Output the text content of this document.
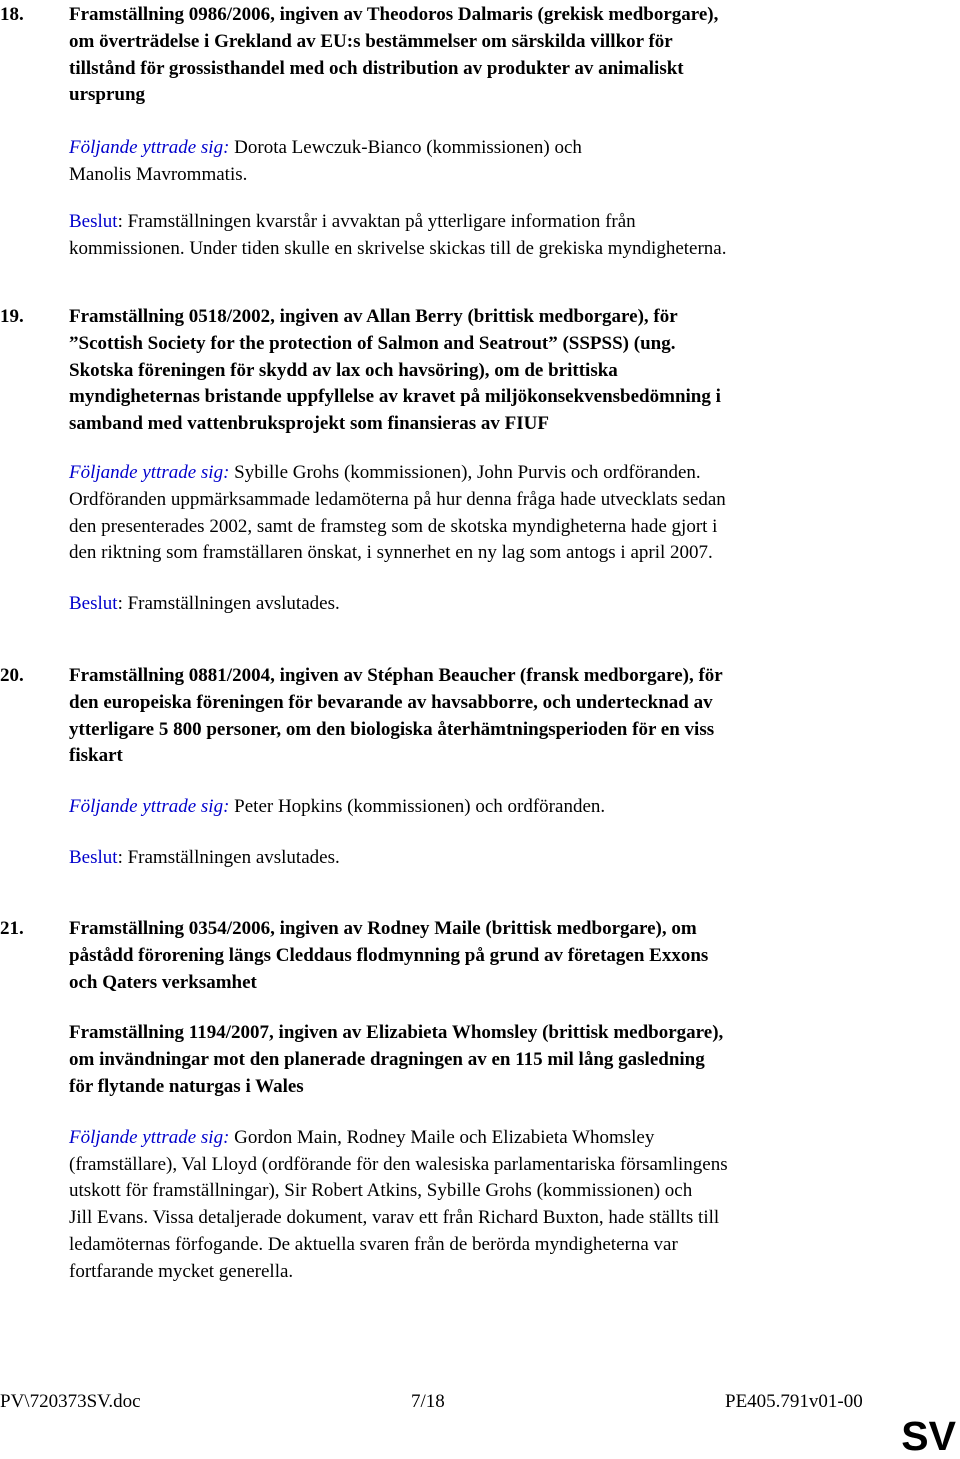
18. Framställning 0986/2006, ingiven av Theodoros Dalmaris (grekisk medborgare),
om överträdelse i Grekland av EU:s bestämmelser om särskilda villkor för
tillstånd för grossisthandel med och distribution av produkter av animaliskt
ursprung

Följande yttrade sig: Dorota Lewczuk-Bianco (kommissionen) och
Manolis Mavrommatis.

Beslut: Framställningen kvarstår i avvaktan på ytterligare information från
kommissionen. Under tiden skulle en skrivelse skickas till de grekiska myndigheterna.

19. Framställning 0518/2002, ingiven av Allan Berry (brittisk medborgare), för
”Scottish Society for the protection of Salmon and Seatrout” (SSPSS) (ung.
Skotska föreningen för skydd av lax och havsöring), om de brittiska
myndigheternas bristande uppfyllelse av kravet på miljökonsekvensbedömning i
samband med vattenbruksprojekt som finansieras av FIUF

Följande yttrade sig: Sybille Grohs (kommissionen), John Purvis och ordföranden.
Ordföranden uppmärksammade ledamöterna på hur denna fråga hade utvecklats sedan
den presenterades 2002, samt de framsteg som de skotska myndigheterna hade gjort i
den riktning som framställaren önskat, i synnerhet en ny lag som antogs i april 2007.

Beslut: Framställningen avslutades.

20. Framställning 0881/2004, ingiven av Stéphan Beaucher (fransk medborgare), för
den europeiska föreningen för bevarande av havsabborre, och undertecknad av
ytterligare 5 800 personer, om den biologiska återhämtningsperioden för en viss
fiskart

Följande yttrade sig: Peter Hopkins (kommissionen) och ordföranden.

Beslut: Framställningen avslutades.

21. Framställning 0354/2006, ingiven av Rodney Maile (brittisk medborgare), om
påstådd förorening längs Cleddaus flodmynning på grund av företagen Exxons
och Qaters verksamhet

Framställning 1194/2007, ingiven av Elizabieta Whomsley (brittisk medborgare),
om invändningar mot den planerade dragningen av en 115 mil lång gasledning
för flytande naturgas i Wales

Följande yttrade sig: Gordon Main, Rodney Maile och Elizabieta Whomsley
(framställare), Val Lloyd (ordförande för den walesiska parlamentariska församlingens
utskott för framställningar), Sir Robert Atkins, Sybille Grohs (kommissionen) och
Jill Evans. Vissa detaljerade dokument, varav ett från Richard Buxton, hade ställts till
ledamöternas förfogande. De aktuella svaren från de berörda myndigheterna var
fortfarande mycket generella.

PV\720373SV.doc	7/18	PE405.791v01-00
SV
